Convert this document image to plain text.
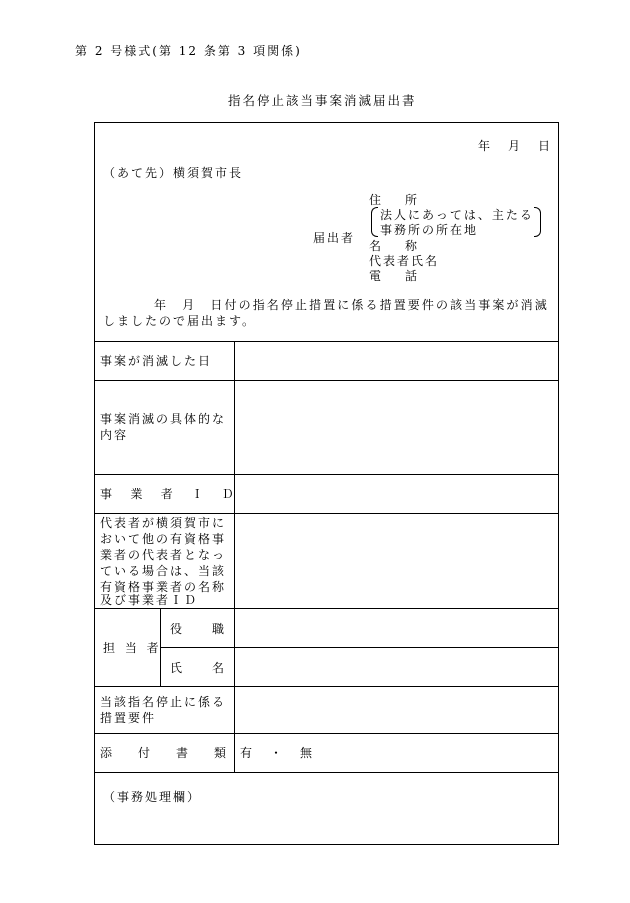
第 2 号様式(第 12 条第 3 項関係)
指名停止該当事案消滅届出書
年　月　日
（あて先）横須賀市長
届出者
住　　所
法人にあっては、主たる
事務所の所在地
名　　称
代表者氏名
電　　話
年　月　日付の指名停止措置に係る措置要件の該当事案が消滅
しましたので届出ます。
事案が消滅した日
事案消滅の具体的な
内容
事　業　者　Ｉ　Ｄ
代表者が横須賀市に
おいて他の有資格事
業者の代表者となっ
ている場合は、当該
有資格事業者の名称
及び事業者ＩＤ
担 当 者
役　　職
氏　　名
当該指名停止に係る
措置要件
添　付　書　類 有　・　無
（事務処理欄）
